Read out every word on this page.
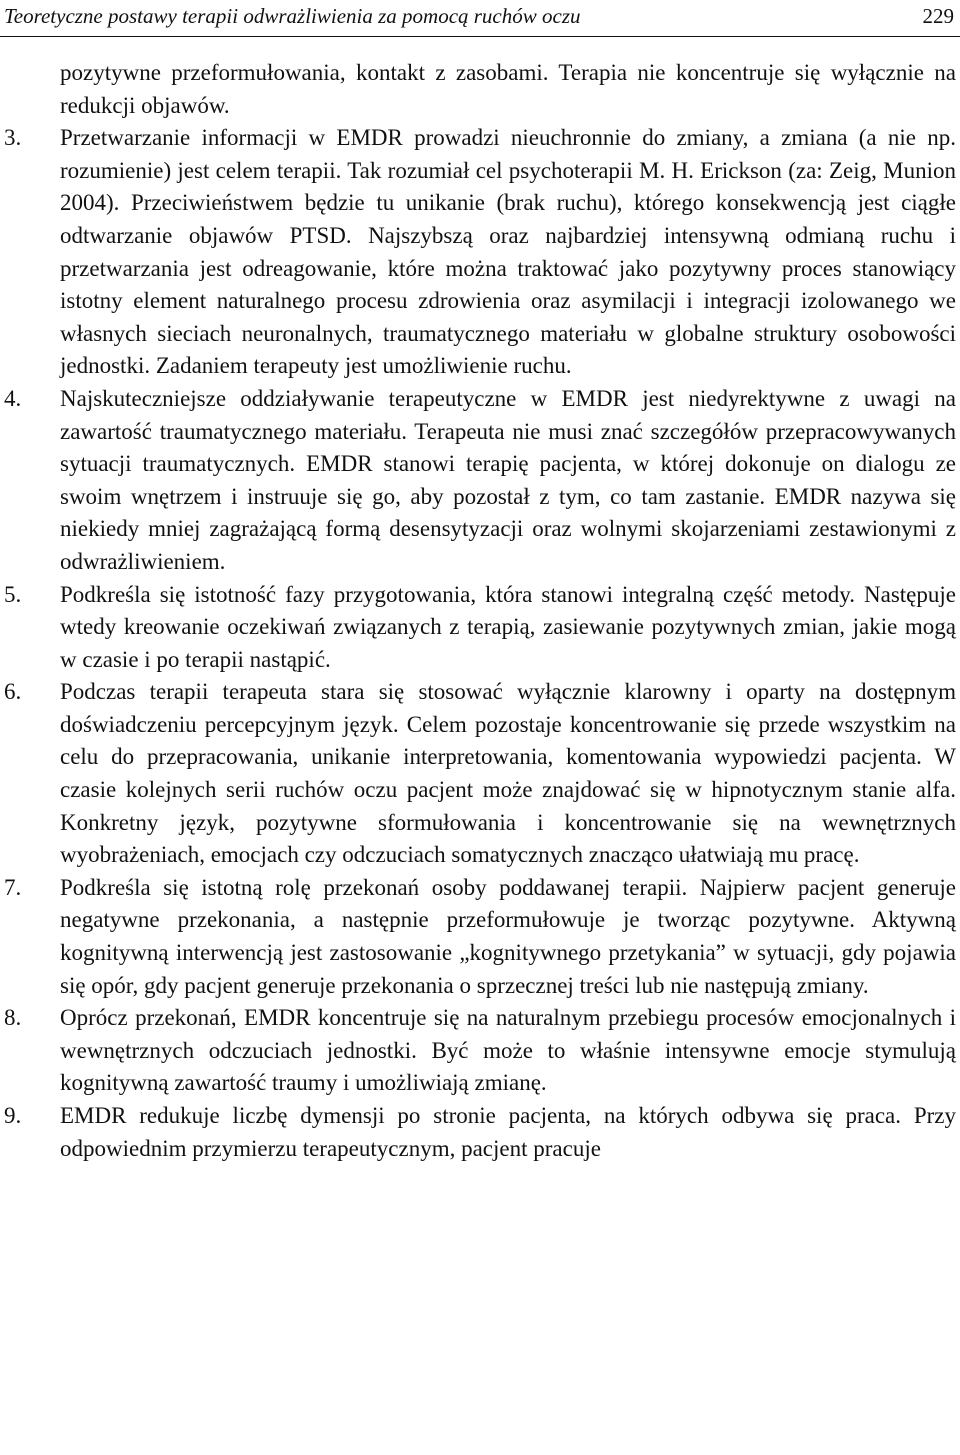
Teoretyczne postawy terapii odwrażliwienia za pomocą ruchów oczu	229

pozytywne przeformułowania, kontakt z zasobami. Terapia nie koncentruje się wyłącznie na redukcji objawów.

3.	Przetwarzanie informacji w EMDR prowadzi nieuchronnie do zmiany, a zmiana (a nie np. rozumienie) jest celem terapii. Tak rozumiał cel psychoterapii M. H. Erickson (za: Zeig, Munion 2004). Przeciwieństwem będzie tu unikanie (brak ruchu), którego konsekwencją jest ciągłe odtwarzanie objawów PTSD. Najszybszą oraz najbardziej intensywną odmianą ruchu i przetwarzania jest odreagowanie, które można traktować jako pozytywny proces stanowiący istotny element naturalnego procesu zdrowienia oraz asymilacji i integracji izolowanego we własnych sieciach neuronalnych, traumatycznego materiału w globalne struktury osobowości jednostki. Zadaniem terapeuty jest umożliwienie ruchu.

4.	Najskuteczniejsze oddziaływanie terapeutyczne w EMDR jest niedyrektywne z uwagi na zawartość traumatycznego materiału. Terapeuta nie musi znać szczegółów przepracowywanych sytuacji traumatycznych. EMDR stanowi terapię pacjenta, w której dokonuje on dialogu ze swoim wnętrzem i instruuje się go, aby pozostał z tym, co tam zastanie. EMDR nazywa się niekiedy mniej zagrażającą formą desensytyzacji oraz wolnymi skojarzeniami zestawionymi z odwrażliwieniem.

5.	Podkreśla się istotność fazy przygotowania, która stanowi integralną część metody. Następuje wtedy kreowanie oczekiwań związanych z terapią, zasiewanie pozytywnych zmian, jakie mogą w czasie i po terapii nastąpić.

6.	Podczas terapii terapeuta stara się stosować wyłącznie klarowny i oparty na dostępnym doświadczeniu percepcyjnym język. Celem pozostaje koncentrowanie się przede wszystkim na celu do przepracowania, unikanie interpretowania, komentowania wypowiedzi pacjenta. W czasie kolejnych serii ruchów oczu pacjent może znajdować się w hipnotycznym stanie alfa. Konkretny język, pozytywne sformułowania i koncentrowanie się na wewnętrznych wyobrażeniach, emocjach czy odczuciach somatycznych znacząco ułatwiają mu pracę.

7.	Podkreśla się istotną rolę przekonań osoby poddawanej terapii. Najpierw pacjent generuje negatywne przekonania, a następnie przeformułowuje je tworząc pozytywne. Aktywną kognitywną interwencją jest zastosowanie „kognitywnego przetykania” w sytuacji, gdy pojawia się opór, gdy pacjent generuje przekonania o sprzecznej treści lub nie następują zmiany.

8.	Oprócz przekonań, EMDR koncentruje się na naturalnym przebiegu procesów emocjonalnych i wewnętrznych odczuciach jednostki. Być może to właśnie intensywne emocje stymulują kognitywną zawartość traumy i umożliwiają zmianę.

9.	EMDR redukuje liczbę dymensji po stronie pacjenta, na których odbywa się praca. Przy odpowiednim przymierzu terapeutycznym, pacjent pracuje
